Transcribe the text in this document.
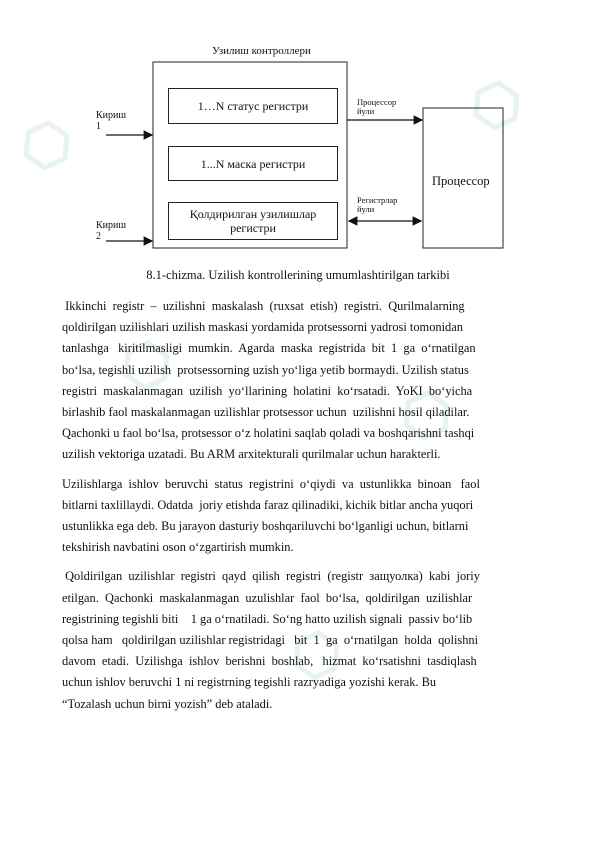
⬡
⬡
⬡
⬡
⬡
Узилиш контроллери
Кириш
1
Кириш
2
1…N статус регистри
1...N маска регистри
Қолдирилган узилишлар
регистри
Процессор
йули
Регистрлар
йули
Процессор
8.1-chizma. Uzilish kontrollerining umumlashtirilgan tarkibi

Ikkinchi  registr  –  uzilishni  maskalash  (ruxsat  etish)  registri.  Qurilmalarning
qoldirilgan uzilishlari uzilish maskasi yordamida protsessorni yadrosi tomonidan
tanlashga   kiritilmasligi  mumkin.  Agarda  maska  registrida  bit  1  ga  o‘rnatilgan
bo‘lsa, tegishli uzilish  protsessorning uzish yo‘liga yetib bormaydi. Uzilish status
registri  maskalanmagan  uzilish  yo‘llarining  holatini  ko‘rsatadi.  YoKI  bo‘yicha
birlashib faol maskalanmagan uzilishlar protsessor uchun  uzilishni hosil qiladilar.
Qachonki u faol bo‘lsa, protsessor o‘z holatini saqlab qoladi va boshqarishni tashqi
uzilish vektoriga uzatadi. Bu ARM arxitekturali qurilmalar uchun harakterli.

Uzilishlarga  ishlov  beruvchi  status  registrini  o‘qiydi  va  ustunlikka  binoan   faol
bitlarni taxlillaydi. Odatda  joriy etishda faraz qilinadiki, kichik bitlar ancha yuqori
ustunlikka ega deb. Bu jarayon dasturiy boshqariluvchi bo‘lganligi uchun, bitlarni
tekshirish navbatini oson o‘zgartirish mumkin.

Qoldirilgan  uzilishlar  registri  qayd  qilish  registri  (registr  защуолка)  kabi  joriy
etilgan.  Qachonki  maskalanmagan  uzulishlar  faol  bo‘lsa,  qoldirilgan  uzilishlar
registrining tegishli biti    1 ga o‘rnatiladi. So‘ng hatto uzilish signali  passiv bo‘lib
qolsa ham   qoldirilgan uzilishlar registridagi   bit  1  ga  o‘rnatilgan  holda  qolishni
davom  etadi.  Uzilishga  ishlov  berishni  boshlab,   hizmat  ko‘rsatishni  tasdiqlash
uchun ishlov beruvchi 1 ni registrning tegishli razryadiga yozishi kerak. Bu
“Tozalash uchun birni yozish” deb ataladi.
